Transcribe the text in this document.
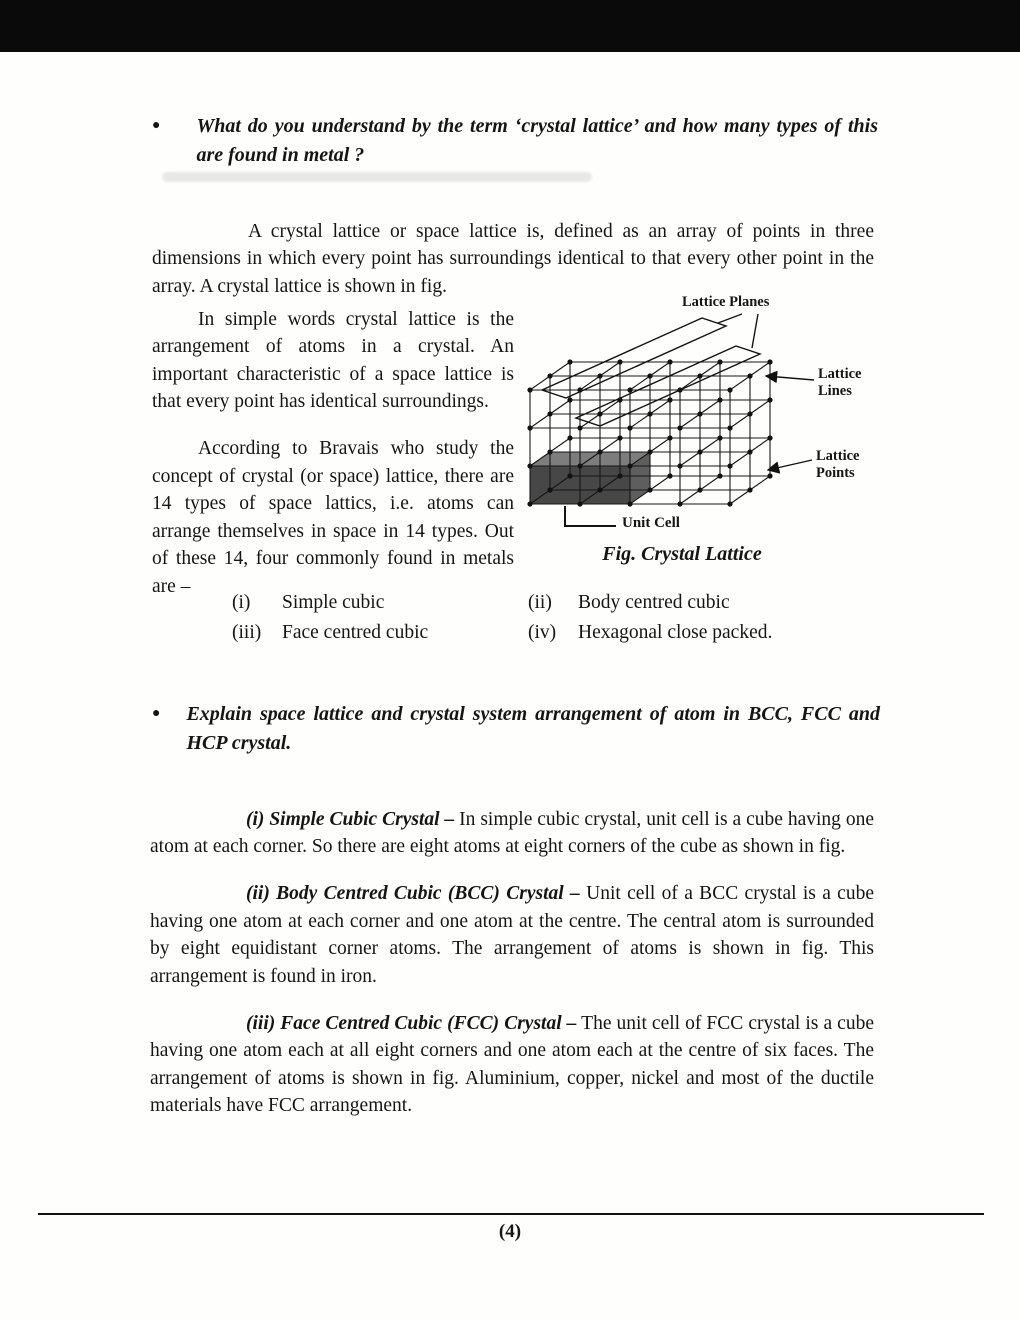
● What do you understand by the term ‘crystal lattice’ and how many types of this are found in metal ?

A crystal lattice or space lattice is, defined as an array of points in three dimensions in which every point has surroundings identical to that every other point in the array. A crystal lattice is shown in fig.

In simple words crystal lattice is the arrangement of atoms in a crystal. An important characteristic of a space lattice is that every point has identical surroundings.

According to Bravais who study the concept of crystal (or space) lattice, there are 14 types of space lattics, i.e. atoms can arrange themselves in space in 14 types. Out of these 14, four commonly found in metals are –

Lattice Planes
Lattice Lines
Lattice Points
Unit Cell
Fig. Crystal Lattice
(i)	Simple cubic	(ii)	Body centred cubic
(iii)	Face centred cubic	(iv)	Hexagonal close packed.
● Explain space lattice and crystal system arrangement of atom in BCC, FCC and HCP crystal.

(i) Simple Cubic Crystal – In simple cubic crystal, unit cell is a cube having one atom at each corner. So there are eight atoms at eight corners of the cube as shown in fig.

(ii) Body Centred Cubic (BCC) Crystal – Unit cell of a BCC crystal is a cube having one atom at each corner and one atom at the centre. The central atom is surrounded by eight equidistant corner atoms. The arrangement of atoms is shown in fig. This arrangement is found in iron.

(iii) Face Centred Cubic (FCC) Crystal – The unit cell of FCC crystal is a cube having one atom each at all eight corners and one atom each at the centre of six faces. The arrangement of atoms is shown in fig. Aluminium, copper, nickel and most of the ductile materials have FCC arrangement.

(4)
